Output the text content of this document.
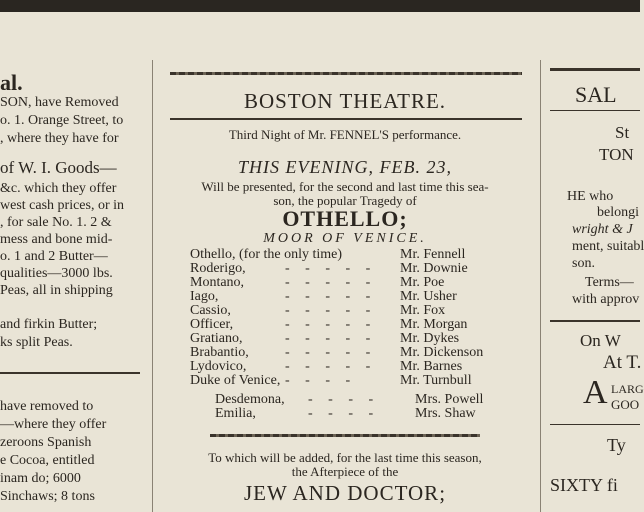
al.
SON, have Removed
o. 1. Orange Street, to
, where they have for
of W. I. Goods—
&c. which they offer
west cash prices, or in
, for sale No. 1. 2 &
mess and bone mid-
o. 1 and 2 Butter—
qualities—3000 lbs.
Peas, all in shipping
and firkin Butter;
ks split Peas.
have removed to
—where they offer
zeroons Spanish
e Cocoa, entitled
inam do; 6000
Sinchaws; 8 tons
BOSTON THEATRE.
Third Night of Mr. FENNEL'S performance.
THIS EVENING, FEB. 23,
Will be presented, for the second and last time this sea-
son, the popular Tragedy of
OTHELLO;
MOOR OF VENICE.
Othello, (for the only time)	Mr. Fennell
Roderigo,	- - - - - Mr. Downie
Montano,	- - - - - Mr. Poe
Iago,	- - - - - Mr. Usher
Cassio,	- - - - - Mr. Fox
Officer,	- - - - - Mr. Morgan
Gratiano,	- - - - - Mr. Dykes
Brabantio,	- - - - - Mr. Dickenson
Lydovico,	- - - - - Mr. Barnes
Duke of Venice, - - - -	Mr. Turnbull
Desdemona, - - - -	Mrs. Powell
Emilia,	- - - -	Mrs. Shaw
To which will be added, for the last time this season,
the Afterpiece of the
JEW AND DOCTOR;
SAL
St
TON
HE who
belongi
wright & J
ment, suitabl
son.
Terms—
with approv
On W
At T.
A LARG
GOO
Ty
SIXTY fi
